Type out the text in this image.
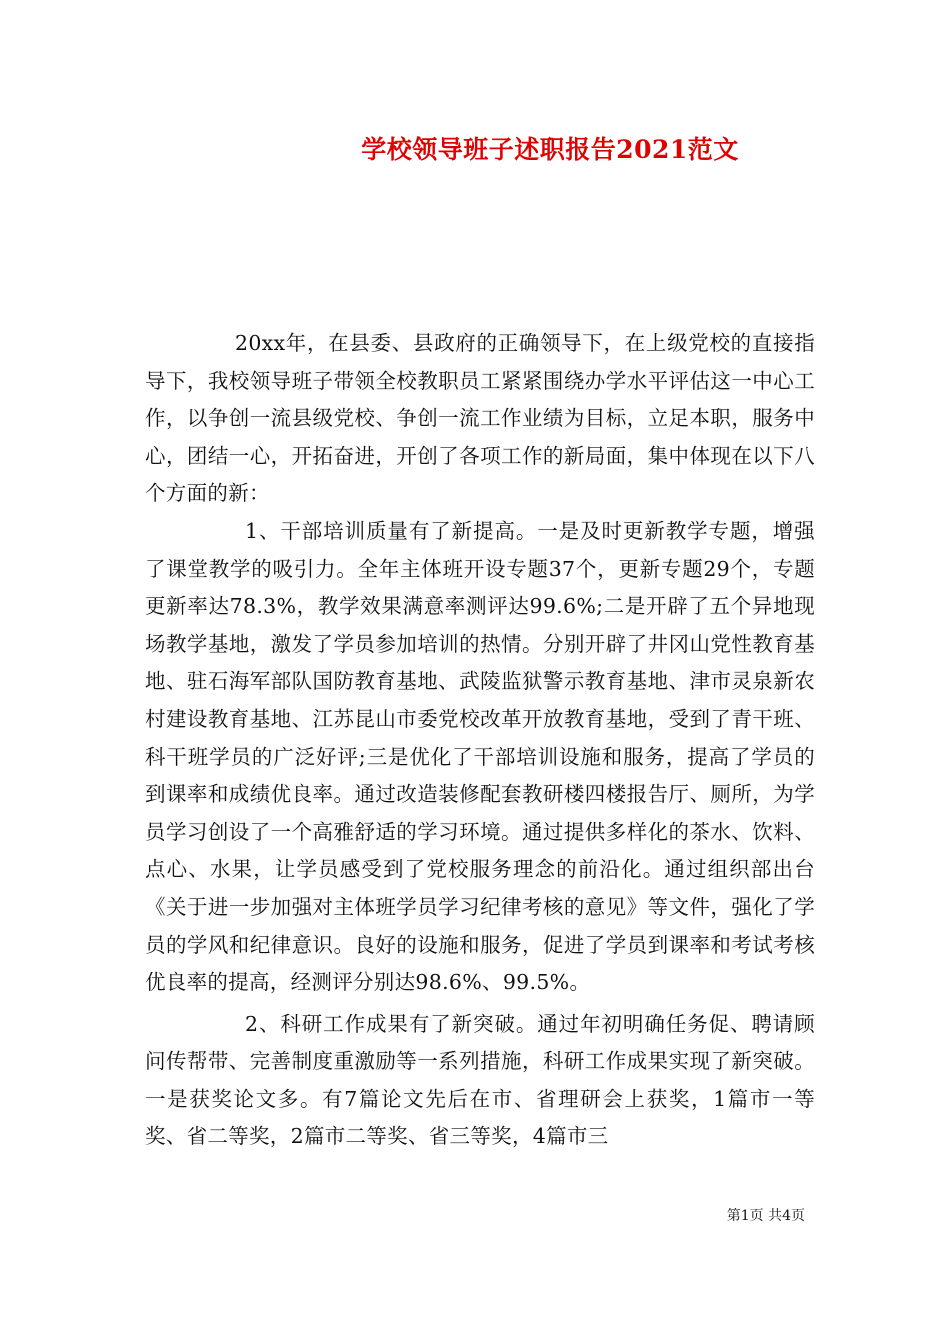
学校领导班子述职报告2021范文

20xx年，在县委、县政府的正确领导下，在上级党校的直接指导下，我校领导班子带领全校教职员工紧紧围绕办学水平评估这一中心工作，以争创一流县级党校、争创一流工作业绩为目标，立足本职，服务中心，团结一心，开拓奋进，开创了各项工作的新局面，集中体现在以下八个方面的新：

1、干部培训质量有了新提高。一是及时更新教学专题，增强了课堂教学的吸引力。全年主体班开设专题37个，更新专题29个，专题更新率达78.3%，教学效果满意率测评达99.6%;二是开辟了五个异地现场教学基地，激发了学员参加培训的热情。分别开辟了井冈山党性教育基地、驻石海军部队国防教育基地、武陵监狱警示教育基地、津市灵泉新农村建设教育基地、江苏昆山市委党校改革开放教育基地，受到了青干班、科干班学员的广泛好评;三是优化了干部培训设施和服务，提高了学员的到课率和成绩优良率。通过改造装修配套教研楼四楼报告厅、厕所，为学员学习创设了一个高雅舒适的学习环境。通过提供多样化的茶水、饮料、点心、水果，让学员感受到了党校服务理念的前沿化。通过组织部出台《关于进一步加强对主体班学员学习纪律考核的意见》等文件，强化了学员的学风和纪律意识。良好的设施和服务，促进了学员到课率和考试考核优良率的提高，经测评分别达98.6%、99.5%。

2、科研工作成果有了新突破。通过年初明确任务促、聘请顾问传帮带、完善制度重激励等一系列措施，科研工作成果实现了新突破。一是获奖论文多。有7篇论文先后在市、省理研会上获奖，1篇市一等奖、省二等奖，2篇市二等奖、省三等奖，4篇市三

第1页 共4页
